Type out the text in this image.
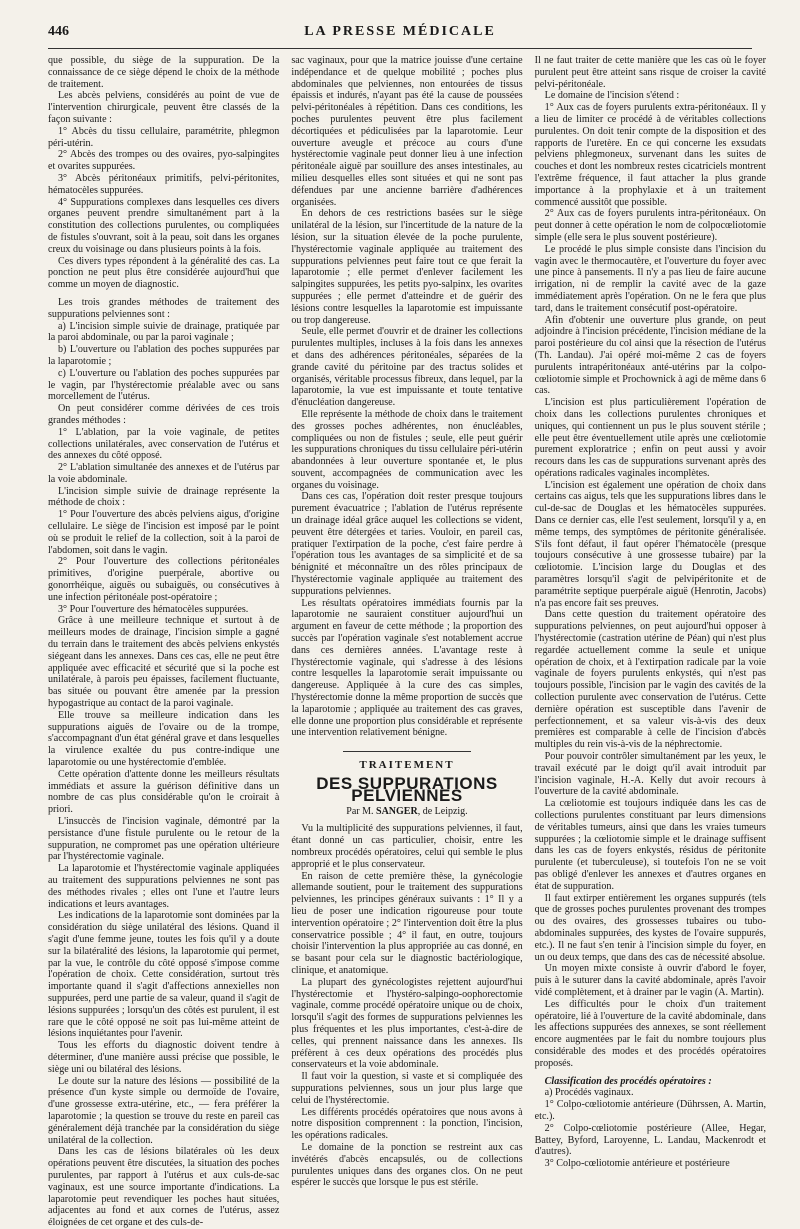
446	LA PRESSE MÉDICALE

que possible, du siège de la suppuration. De la connaissance de ce siège dépend le choix de la méthode de traitement.

Les abcès pelviens, considérés au point de vue de l'intervention chirurgicale, peuvent être classés de la façon suivante :

1° Abcès du tissu cellulaire, paramétrite, phlegmon péri-utérin.

2° Abcès des trompes ou des ovaires, pyo-salpingites et ovarites suppurées.

3° Abcès péritonéaux primitifs, pelvi-péritonites, hématocèles suppurées.

4° Suppurations complexes dans lesquelles ces divers organes peuvent prendre simultanément part à la constitution des collections purulentes, ou compliquées de fistules s'ouvrant, soit à la peau, soit dans les organes creux du voisinage ou dans plusieurs points à la fois.

Ces divers types répondent à la généralité des cas. La ponction ne peut plus être considérée aujourd'hui que comme un moyen de diagnostic.

Les trois grandes méthodes de traitement des suppurations pelviennes sont :

a) L'incision simple suivie de drainage, pratiquée par la paroi abdominale, ou par la paroi vaginale ;

b) L'ouverture ou l'ablation des poches suppurées par la laparotomie ;

c) L'ouverture ou l'ablation des poches suppurées par le vagin, par l'hystérectomie préalable avec ou sans morcellement de l'utérus.

On peut considérer comme dérivées de ces trois grandes méthodes :

1° L'ablation, par la voie vaginale, de petites collections unilatérales, avec conservation de l'utérus et des annexes du côté opposé.

2° L'ablation simultanée des annexes et de l'utérus par la voie abdominale.

L'incision simple suivie de drainage représente la méthode de choix :

1° Pour l'ouverture des abcès pelviens aigus, d'origine cellulaire. Le siège de l'incision est imposé par le point où se produit le relief de la collection, soit à la paroi de l'abdomen, soit dans le vagin.

2° Pour l'ouverture des collections péritonéales primitives, d'origine puerpérale, abortive ou gonorrhéique, aiguës ou subaiguës, ou consécutives à une infection péritonéale post-opératoire ;

3° Pour l'ouverture des hématocèles suppurées.

Grâce à une meilleure technique et surtout à de meilleurs modes de drainage, l'incision simple a gagné du terrain dans le traitement des abcès pelviens enkystés siégeant dans les annexes. Dans ces cas, elle ne peut être appliquée avec efficacité et sécurité que si la poche est unilatérale, à parois peu épaisses, facilement fluctuante, bas située ou pouvant être amenée par la pression hypogastrique au contact de la paroi vaginale.

Elle trouve sa meilleure indication dans les suppurations aiguës de l'ovaire ou de la trompe, s'accompagnant d'un état général grave et dans lesquelles la virulence exaltée du pus contre-indique une laparotomie ou une hystérectomie d'emblée.

Cette opération d'attente donne les meilleurs résultats immédiats et assure la guérison définitive dans un nombre de cas plus considérable qu'on le croirait à priori.

L'insuccès de l'incision vaginale, démontré par la persistance d'une fistule purulente ou le retour de la suppuration, ne compromet pas une opération ultérieure par l'hystérectomie vaginale.

La laparotomie et l'hystérectomie vaginale appliquées au traitement des suppurations pelviennes ne sont pas des méthodes rivales ; elles ont l'une et l'autre leurs indications et leurs avantages.

Les indications de la laparotomie sont dominées par la considération du siège unilatéral des lésions. Quand il s'agit d'une femme jeune, toutes les fois qu'il y a doute sur la bilatéralité des lésions, la laparotomie qui permet, par la vue, le contrôle du côté opposé s'impose comme l'opération de choix. Cette considération, surtout très importante quand il s'agit d'affections annexielles non suppurées, perd une partie de sa valeur, quand il s'agit de lésions suppurées ; lorsqu'un des côtés est purulent, il est rare que le côté opposé ne soit pas lui-même atteint de lésions inquiétantes pour l'avenir.

Tous les efforts du diagnostic doivent tendre à déterminer, d'une manière aussi précise que possible, le siège uni ou bilatéral des lésions.

Le doute sur la nature des lésions — possibilité de la présence d'un kyste simple ou dermoïde de l'ovaire, d'une grossesse extra-utérine, etc., — fera préférer la laparotomie ; la question se trouve du reste en pareil cas généralement déjà tranchée par la considération du siège unilatéral de la collection.

Dans les cas de lésions bilatérales où les deux opérations peuvent être discutées, la situation des poches purulentes, par rapport à l'utérus et aux culs-de-sac vaginaux, est une source importante d'indications. La laparotomie peut revendiquer les poches haut situées, adjacentes au fond et aux cornes de l'utérus, assez éloignées de cet organe et des culs-de-

sac vaginaux, pour que la matrice jouisse d'une certaine indépendance et de quelque mobilité ; poches plus abdominales que pelviennes, non entourées de tissus épaissis et indurés, n'ayant pas été la cause de poussées pelvi-péritonéales à répétition. Dans ces conditions, les poches purulentes peuvent être plus facilement décortiquées et pédiculisées par la laparotomie. Leur ouverture aveugle et précoce au cours d'une hystérectomie vaginale peut donner lieu à une infection péritonéale aiguë par souillure des anses intestinales, au milieu desquelles elles sont situées et qui ne sont pas défendues par une ancienne barrière d'adhérences organisées.

En dehors de ces restrictions basées sur le siège unilatéral de la lésion, sur l'incertitude de la nature de la lésion, sur la situation élevée de la poche purulente, l'hystérectomie vaginale appliquée au traitement des suppurations pelviennes peut faire tout ce que ferait la laparotomie ; elle permet d'enlever facilement les salpingites suppurées, les petits pyo-salpinx, les ovarites suppurées ; elle permet d'atteindre et de guérir des lésions contre lesquelles la laparotomie est impuissante ou trop dangereuse.

Seule, elle permet d'ouvrir et de drainer les collections purulentes multiples, incluses à la fois dans les annexes et dans des adhérences péritonéales, séparées de la grande cavité du péritoine par des tractus solides et organisés, véritable processus fibreux, dans lequel, par la laparotomie, la vue est impuissante et toute tentative d'énucléation dangereuse.

Elle représente la méthode de choix dans le traitement des grosses poches adhérentes, non énucléables, compliquées ou non de fistules ; seule, elle peut guérir les suppurations chroniques du tissu cellulaire péri-utérin abandonnées à leur ouverture spontanée et, le plus souvent, accompagnées de communication avec les organes du voisinage.

Dans ces cas, l'opération doit rester presque toujours purement évacuatrice ; l'ablation de l'utérus représente un drainage idéal grâce auquel les collections se vident, peuvent être détergées et taries. Vouloir, en pareil cas, pratiquer l'extirpation de la poche, c'est faire perdre à l'opération tous les avantages de sa simplicité et de sa bénignité et méconnaître un des rôles principaux de l'hystérectomie vaginale appliquée au traitement des suppurations pelviennes.

Les résultats opératoires immédiats fournis par la laparotomie ne sauraient constituer aujourd'hui un argument en faveur de cette méthode ; la proportion des succès par l'opération vaginale s'est notablement accrue dans ces dernières années. L'avantage reste à l'hystérectomie vaginale, qui s'adresse à des lésions contre lesquelles la laparotomie serait impuissante ou dangereuse. Appliquée à la cure des cas simples, l'hystérectomie donne la même proportion de succès que la laparotomie ; appliquée au traitement des cas graves, elle donne une proportion plus considérable et représente une intervention relativement bénigne.

TRAITEMENT
DES SUPPURATIONS PELVIENNES
Par M. SANGER, de Leipzig.

Vu la multiplicité des suppurations pelviennes, il faut, étant donné un cas particulier, choisir, entre les nombreux procédés opératoires, celui qui semble le plus approprié et le plus conservateur.

En raison de cette première thèse, la gynécologie allemande soutient, pour le traitement des suppurations pelviennes, les principes généraux suivants : 1° Il y a lieu de poser une indication rigoureuse pour toute intervention opératoire ; 2° l'intervention doit être la plus conservatrice possible ; 4° il faut, en outre, toujours choisir l'intervention la plus appropriée au cas donné, en se basant pour cela sur le diagnostic bactériologique, clinique, et anatomique.

La plupart des gynécologistes rejettent aujourd'hui l'hystérectomie et l'hystéro-salpingo-oophorectomie vaginale, comme procédé opératoire unique ou de choix, lorsqu'il s'agit des formes de suppurations pelviennes les plus fréquentes et les plus importantes, c'est-à-dire de celles, qui prennent naissance dans les annexes. Ils préfèrent à ces deux opérations des procédés plus conservateurs et la voie abdominale.

Il faut voir la question, si vaste et si compliquée des suppurations pelviennes, sous un jour plus large que celui de l'hystérectomie.

Les différents procédés opératoires que nous avons à notre disposition comprennent : la ponction, l'incision, les opérations radicales.

Le domaine de la ponction se restreint aux cas invétérés d'abcès encapsulés, ou de collections purulentes uniques dans des organes clos. On ne peut espérer le succès que lorsque le pus est stérile.

Il ne faut traiter de cette manière que les cas où le foyer purulent peut être atteint sans risque de croiser la cavité pelvi-péritonéale.

Le domaine de l'incision s'étend :

1° Aux cas de foyers purulents extra-péritonéaux. Il y a lieu de limiter ce procédé à de véritables collections purulentes. On doit tenir compte de la disposition et des rapports de l'uretère. En ce qui concerne les exsudats pelviens phlegmoneux, survenant dans les suites de couches et dont les nombreux restes cicatriciels montrent l'extrême fréquence, il faut attacher la plus grande importance à la prophylaxie et à un traitement commencé aussitôt que possible.

2° Aux cas de foyers purulents intra-péritonéaux. On peut donner à cette opération le nom de colpocœliotomie simple (elle sera le plus souvent postérieure).

Le procédé le plus simple consiste dans l'incision du vagin avec le thermocautère, et l'ouverture du foyer avec une pince à pansements. Il n'y a pas lieu de faire aucune irrigation, ni de remplir la cavité avec de la gaze immédiatement après l'opération. On ne le fera que plus tard, dans le traitement consécutif post-opératoire.

Afin d'obtenir une ouverture plus grande, on peut adjoindre à l'incision précédente, l'incision médiane de la paroi postérieure du col ainsi que la résection de l'utérus (Th. Landau). J'ai opéré moi-même 2 cas de foyers purulents intrapéritonéaux anté-utérins par la colpo-cœliotomie simple et Prochownick à agi de même dans 6 cas.

L'incision est plus particulièrement l'opération de choix dans les collections purulentes chroniques et uniques, qui contiennent un pus le plus souvent stérile ; elle peut être éventuellement utile après une cœliotomie purement exploratrice ; enfin on peut aussi y avoir recours dans les cas de suppurations survenant après des opérations radicales vaginales incomplètes.

L'incision est également une opération de choix dans certains cas aigus, tels que les suppurations libres dans le cul-de-sac de Douglas et les hématocèles suppurées. Dans ce dernier cas, elle l'est seulement, lorsqu'il y a, en même temps, des symptômes de péritonite généralisée. S'ils font défaut, il faut opérer l'hématocèle (presque toujours consécutive à une grossesse tubaire) par la cœliotomie. L'incision large du Douglas et des paramètres lorsqu'il s'agit de pelvipéritonite et de paramétrite septique puerpérale aiguë (Henrotin, Jacobs) n'a pas encore fait ses preuves.

Dans cette question du traitement opératoire des suppurations pelviennes, on peut aujourd'hui opposer à l'hystérectomie (castration utérine de Péan) qui n'est plus regardée actuellement comme la seule et unique opération de choix, et à l'extirpation radicale par la voie vaginale de foyers purulents enkystés, qui n'est pas toujours possible, l'incision par le vagin des cavités de la collection purulente avec conservation de l'utérus. Cette dernière opération est susceptible dans l'avenir de perfectionnement, et sa valeur vis-à-vis des deux premières est comparable à celle de l'incision d'abcès multiples du rein vis-à-vis de la néphrectomie.

Pour pouvoir contrôler simultanément par les yeux, le travail exécuté par le doigt qu'il avait introduit par l'incision vaginale, H.-A. Kelly dut avoir recours à l'ouverture de la cavité abdominale.

La cœliotomie est toujours indiquée dans les cas de collections purulentes constituant par leurs dimensions de véritables tumeurs, ainsi que dans les vraies tumeurs suppurées ; la cœliotomie simple et le drainage suffisent dans les cas de foyers enkystés, résidus de péritonite purulente (et tuberculeuse), si toutefois l'on ne se voit pas obligé d'enlever les annexes et d'autres organes en état de suppuration.

Il faut extirper entièrement les organes suppurés (tels que de grosses poches purulentes provenant des trompes ou des ovaires, des grossesses tubaires ou tubo-abdominales suppurées, des kystes de l'ovaire suppurés, etc.). Il ne faut s'en tenir à l'incision simple du foyer, en un ou deux temps, que dans des cas de nécessité absolue.

Un moyen mixte consiste à ouvrir d'abord le foyer, puis à le suturer dans la cavité abdominale, après l'avoir vidé complètement, et à drainer par le vagin (A. Martin).

Les difficultés pour le choix d'un traitement opératoire, lié à l'ouverture de la cavité abdominale, dans les affections suppurées des annexes, se sont réellement encore augmentées par le fait du nombre toujours plus considérable des modes et des procédés opératoires proposés.

Classification des procédés opératoires :

a) Procédés vaginaux.

1° Colpo-cœliotomie antérieure (Dührssen, A. Martin, etc.).

2° Colpo-cœliotomie postérieure (Allee, Hegar, Battey, Byford, Laroyenne, L. Landau, Mackenrodt et d'autres).

3° Colpo-cœliotomie antérieure et postérieure
